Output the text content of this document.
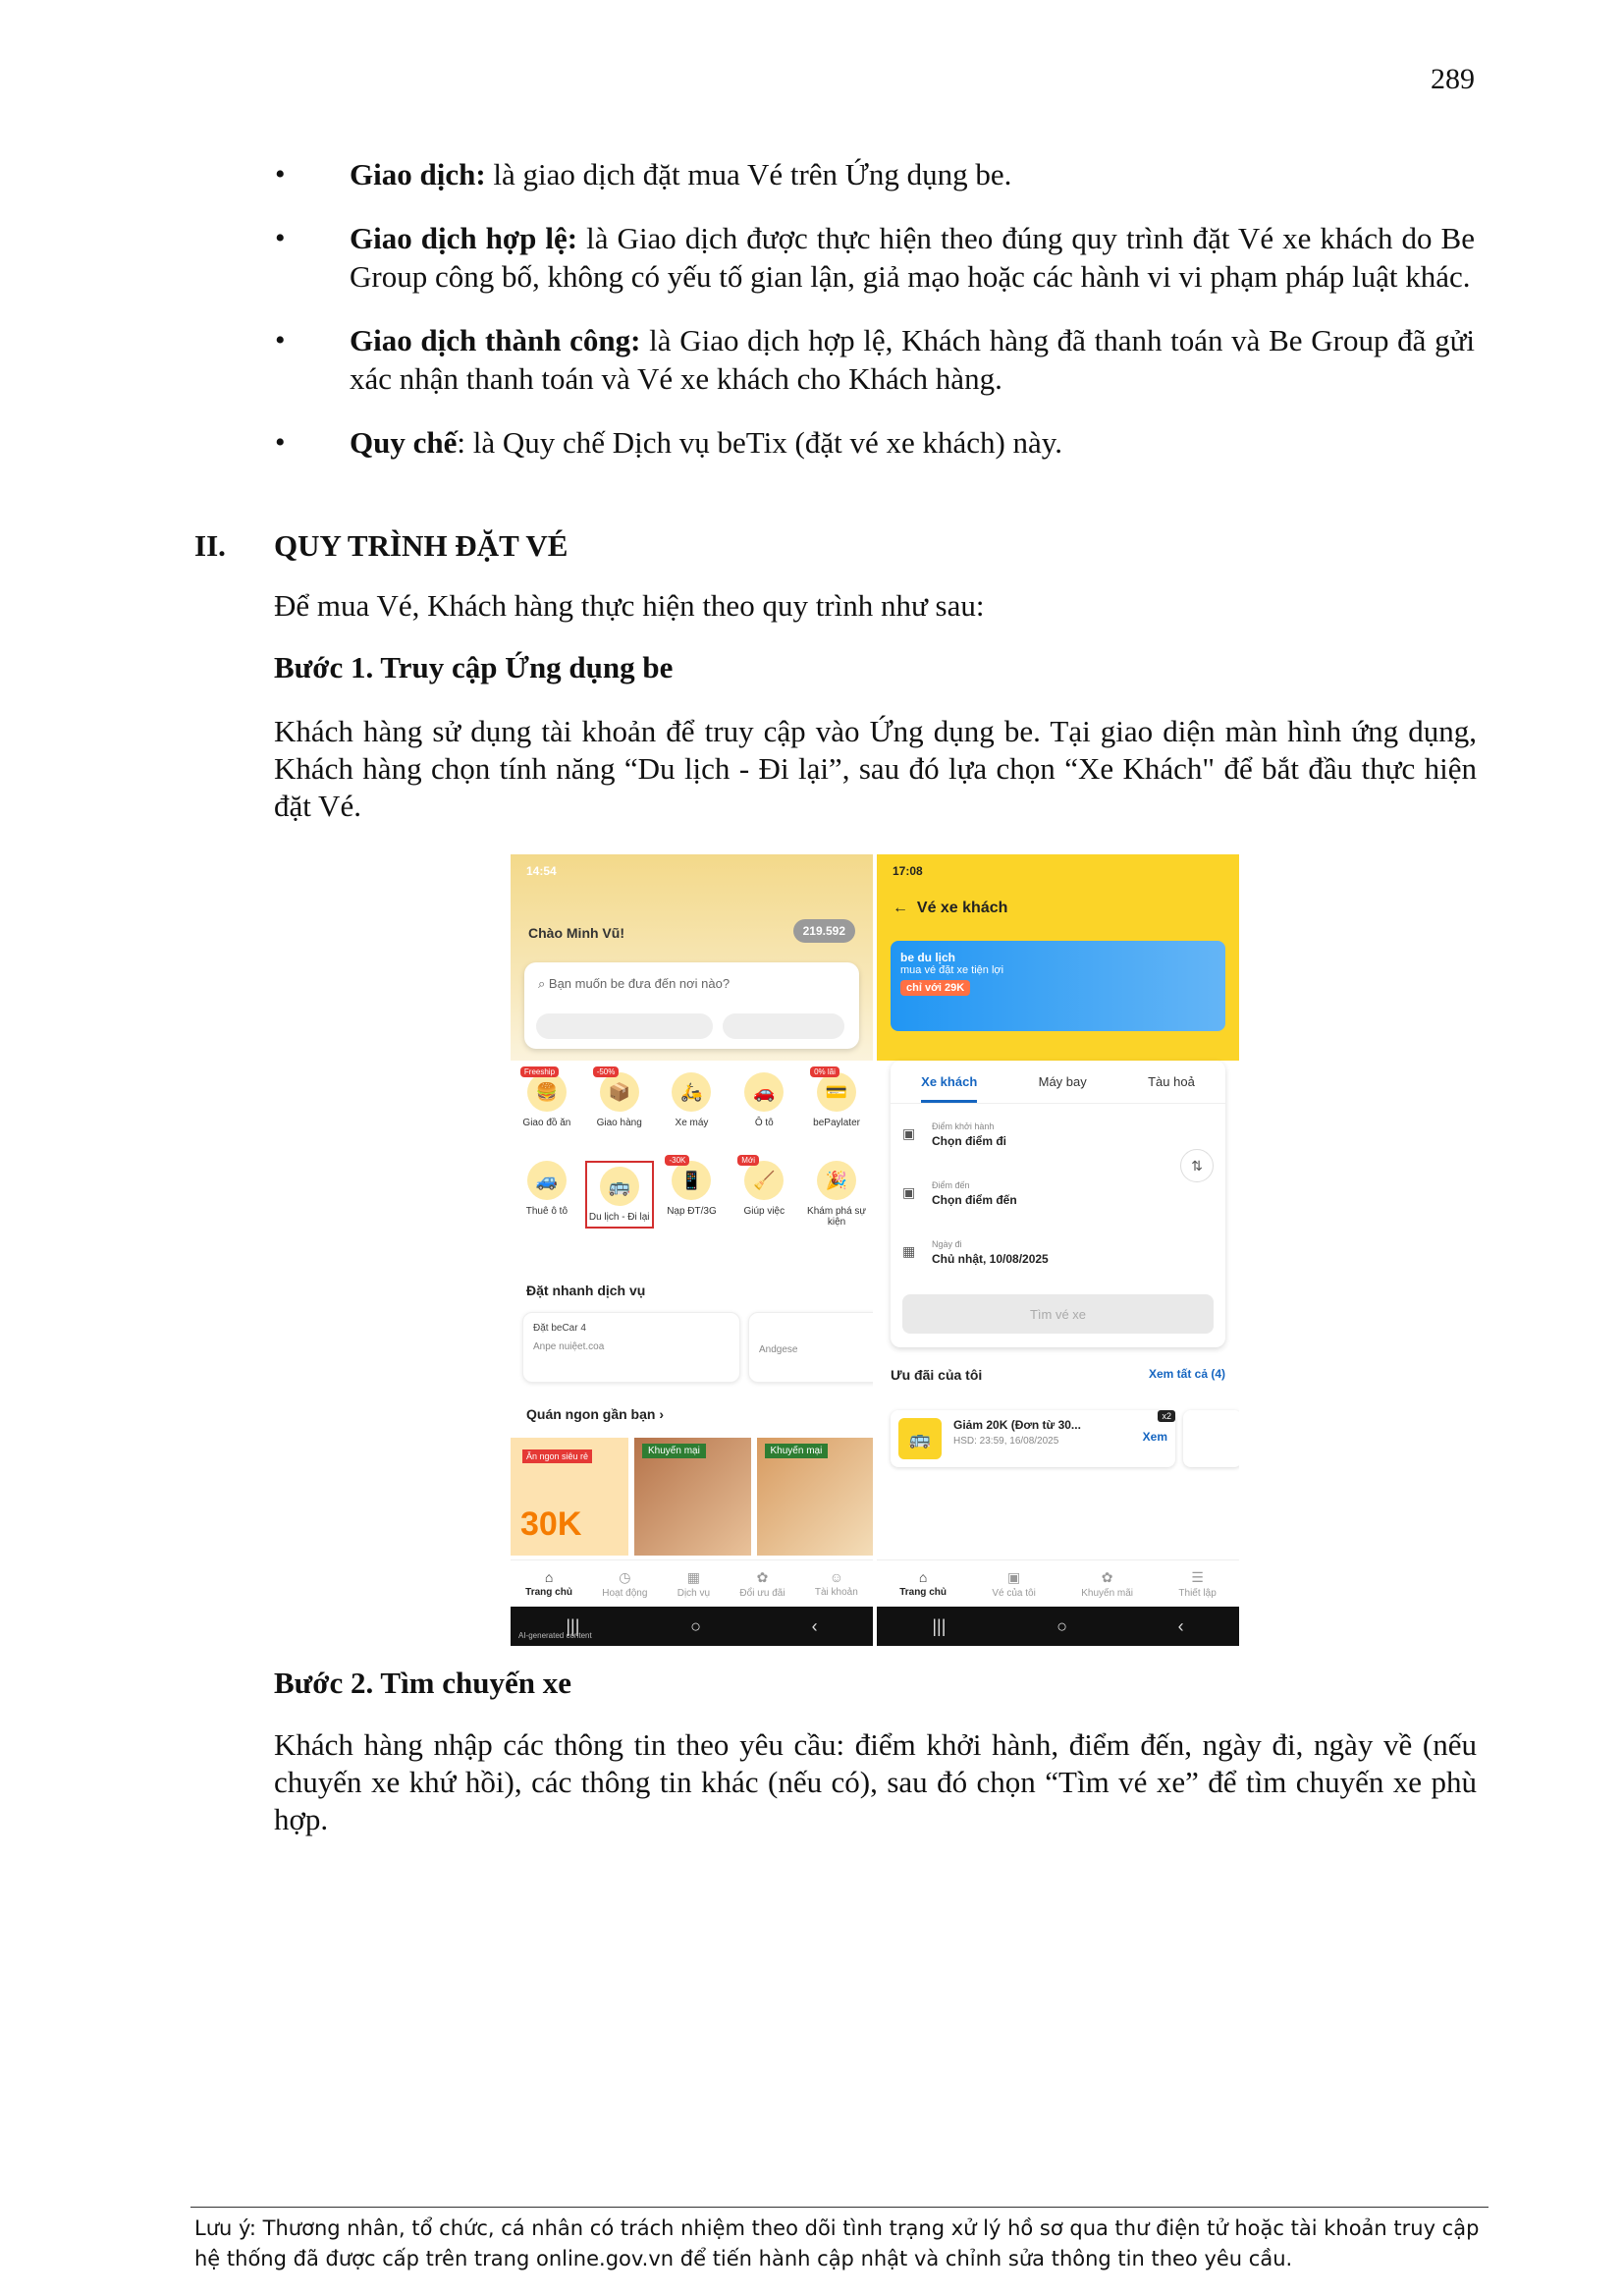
289
• Giao dịch: là giao dịch đặt mua Vé trên Ứng dụng be.
• Giao dịch hợp lệ: là Giao dịch được thực hiện theo đúng quy trình đặt Vé xe khách do Be Group công bố, không có yếu tố gian lận, giả mạo hoặc các hành vi vi phạm pháp luật khác.
• Giao dịch thành công: là Giao dịch hợp lệ, Khách hàng đã thanh toán và Be Group đã gửi xác nhận thanh toán và Vé xe khách cho Khách hàng.
• Quy chế: là Quy chế Dịch vụ beTix (đặt vé xe khách) này.
II. QUY TRÌNH ĐẶT VÉ
Để mua Vé, Khách hàng thực hiện theo quy trình như sau:
Bước 1. Truy cập Ứng dụng be
Khách hàng sử dụng tài khoản để truy cập vào Ứng dụng be. Tại giao diện màn hình ứng dụng, Khách hàng chọn tính năng “Du lịch - Đi lại”, sau đó lựa chọn “Xe Khách" để bắt đầu thực hiện đặt Vé.
14:54
Chào Minh Vũ!	219.592
⌕ Bạn muốn be đưa đến nơi nào?
Freeship
🍔
Giao đồ ăn
-50%
📦
Giao hàng
🛵
Xe máy
🚗
Ô tô
0% lãi
💳
bePaylater
🚙
Thuê ô tô
🚌
Du lịch - Đi lại
-30K
📱
Nạp ĐT/3G
Mới
🧹
Giúp việc
🎉
Khám phá sự kiện
Đặt nhanh dịch vụ
Đặt beCar 4
Anpe nuiệet.coa	Andgese
Quán ngon gần bạn ›
Ăn ngon siêu rẻ
30K
Khuyến mại	Khuyến mại
⌂
Trang chủ
◷
Hoạt động
▦
Dịch vụ
✿
Đổi ưu đãi
☺
Tài khoản
|||	○	‹
AI-generated content
17:08
←  Vé xe khách
be du lịch
mua vé đặt xe tiện lợi
chỉ với 29K
Xe khách	Máy bay	Tàu hoả
▣ Điểm khởi hành
Chọn điểm đi
⇅
▣ Điểm đến
Chọn điểm đến
▦ Ngày đi
Chủ nhật, 10/08/2025
Tìm vé xe
Ưu đãi của tôi	Xem tất cả (4)
🚌
Giảm 20K (Đơn từ 30...
HSD: 23:59, 16/08/2025	Xem
x2
⌂
Trang chủ
▣
Vé của tôi
✿
Khuyến mãi
☰
Thiết lập
|||	○	‹
Bước 2. Tìm chuyến xe
Khách hàng nhập các thông tin theo yêu cầu: điểm khởi hành, điểm đến, ngày đi, ngày về (nếu chuyến xe khứ hồi), các thông tin khác (nếu có), sau đó chọn “Tìm vé xe” để tìm chuyến xe phù hợp.
Lưu ý: Thương nhân, tổ chức, cá nhân có trách nhiệm theo dõi tình trạng xử lý hồ sơ qua thư điện tử hoặc tài khoản truy cập hệ thống đã được cấp trên trang online.gov.vn để tiến hành cập nhật và chỉnh sửa thông tin theo yêu cầu.
